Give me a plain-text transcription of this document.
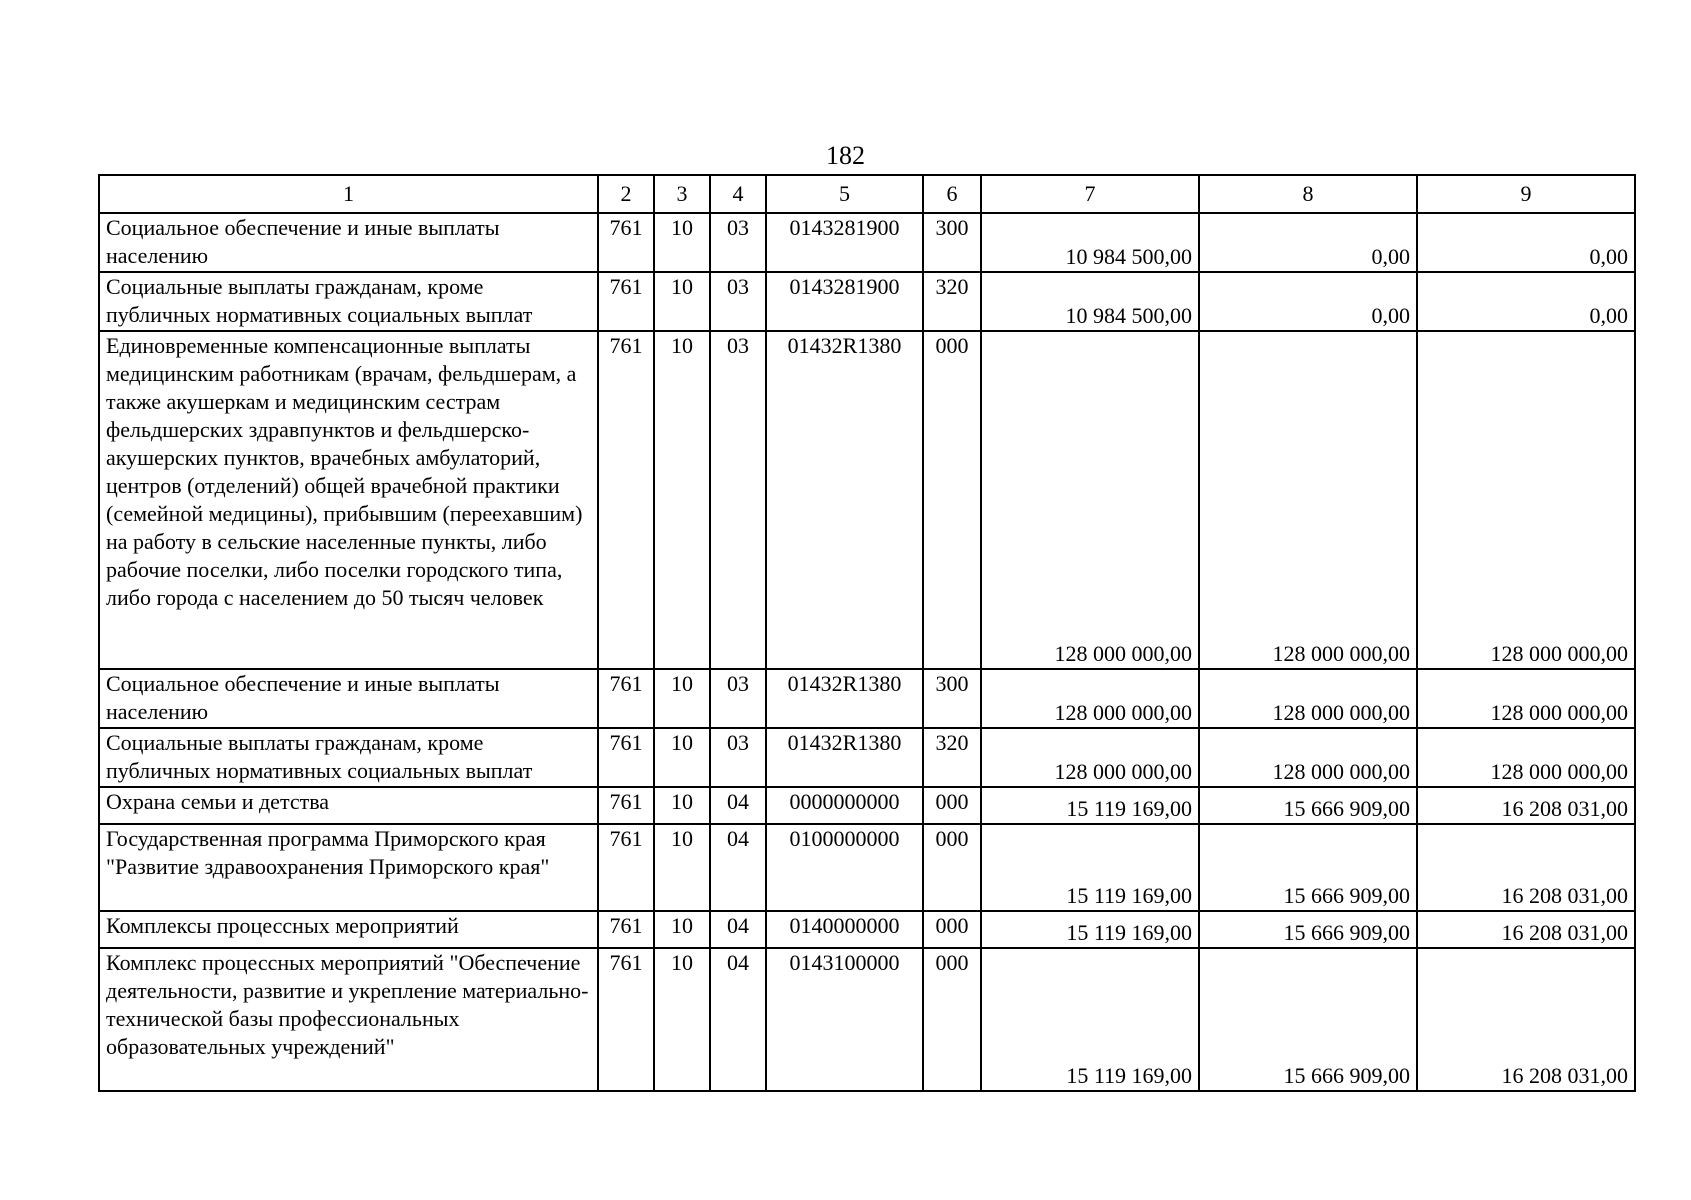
182
1	2	3	4	5	6	7	8	9
Социальное обеспечение и иные выплаты населению	761	10	03	0143281900	300	10 984 500,00	0,00	0,00
Социальные выплаты гражданам, кроме публичных нормативных социальных выплат	761	10	03	0143281900	320	10 984 500,00	0,00	0,00
Единовременные компенсационные выплаты медицинским работникам (врачам, фельдшерам, а также акушеркам и медицинским сестрам фельдшерских здравпунктов и фельдшерско-акушерских пунктов, врачебных амбулаторий, центров (отделений) общей врачебной практики (семейной медицины), прибывшим (переехавшим) на работу в сельские населенные пункты, либо рабочие поселки, либо поселки городского типа, либо города с населением до 50 тысяч человек	761	10	03	01432R1380	000	128 000 000,00	128 000 000,00	128 000 000,00
Социальное обеспечение и иные выплаты населению	761	10	03	01432R1380	300	128 000 000,00	128 000 000,00	128 000 000,00
Социальные выплаты гражданам, кроме публичных нормативных социальных выплат	761	10	03	01432R1380	320	128 000 000,00	128 000 000,00	128 000 000,00
Охрана семьи и детства	761	10	04	0000000000	000	15 119 169,00	15 666 909,00	16 208 031,00
Государственная программа Приморского края "Развитие здравоохранения Приморского края"	761	10	04	0100000000	000	15 119 169,00	15 666 909,00	16 208 031,00
Комплексы процессных мероприятий	761	10	04	0140000000	000	15 119 169,00	15 666 909,00	16 208 031,00
Комплекс процессных мероприятий "Обеспечение деятельности, развитие и укрепление материально-технической базы профессиональных образовательных учреждений"	761	10	04	0143100000	000	15 119 169,00	15 666 909,00	16 208 031,00
